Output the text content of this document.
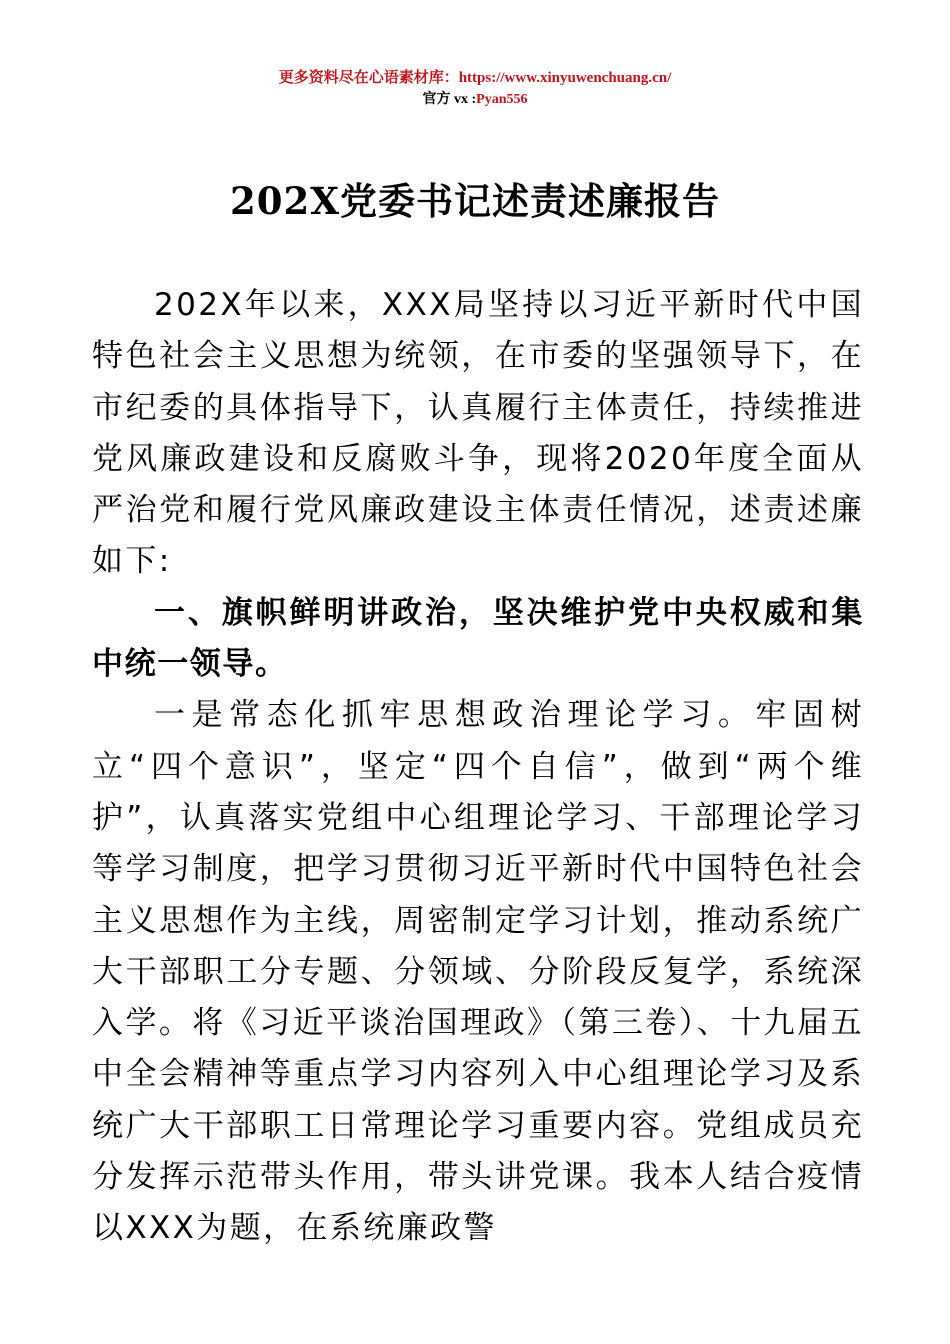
更多资料尽在心语素材库：https://www.xinyuwenchuang.cn/
官方 vx :Pyan556
202X党委书记述责述廉报告

202X年以来，XXX局坚持以习近平新时代中国特色社会主义思想为统领，在市委的坚强领导下，在市纪委的具体指导下，认真履行主体责任，持续推进党风廉政建设和反腐败斗争，现将2020年度全面从严治党和履行党风廉政建设主体责任情况，述责述廉如下:

一、旗帜鲜明讲政治，坚决维护党中央权威和集中统一领导。

一是常态化抓牢思想政治理论学习。牢固树立“四个意识”，坚定“四个自信”，做到“两个维护”，认真落实党组中心组理论学习、干部理论学习等学习制度，把学习贯彻习近平新时代中国特色社会主义思想作为主线，周密制定学习计划，推动系统广大干部职工分专题、分领域、分阶段反复学，系统深入学。将《习近平谈治国理政》（第三卷）、十九届五中全会精神等重点学习内容列入中心组理论学习及系统广大干部职工日常理论学习重要内容。党组成员充分发挥示范带头作用，带头讲党课。我本人结合疫情以XXX为题，在系统廉政警
